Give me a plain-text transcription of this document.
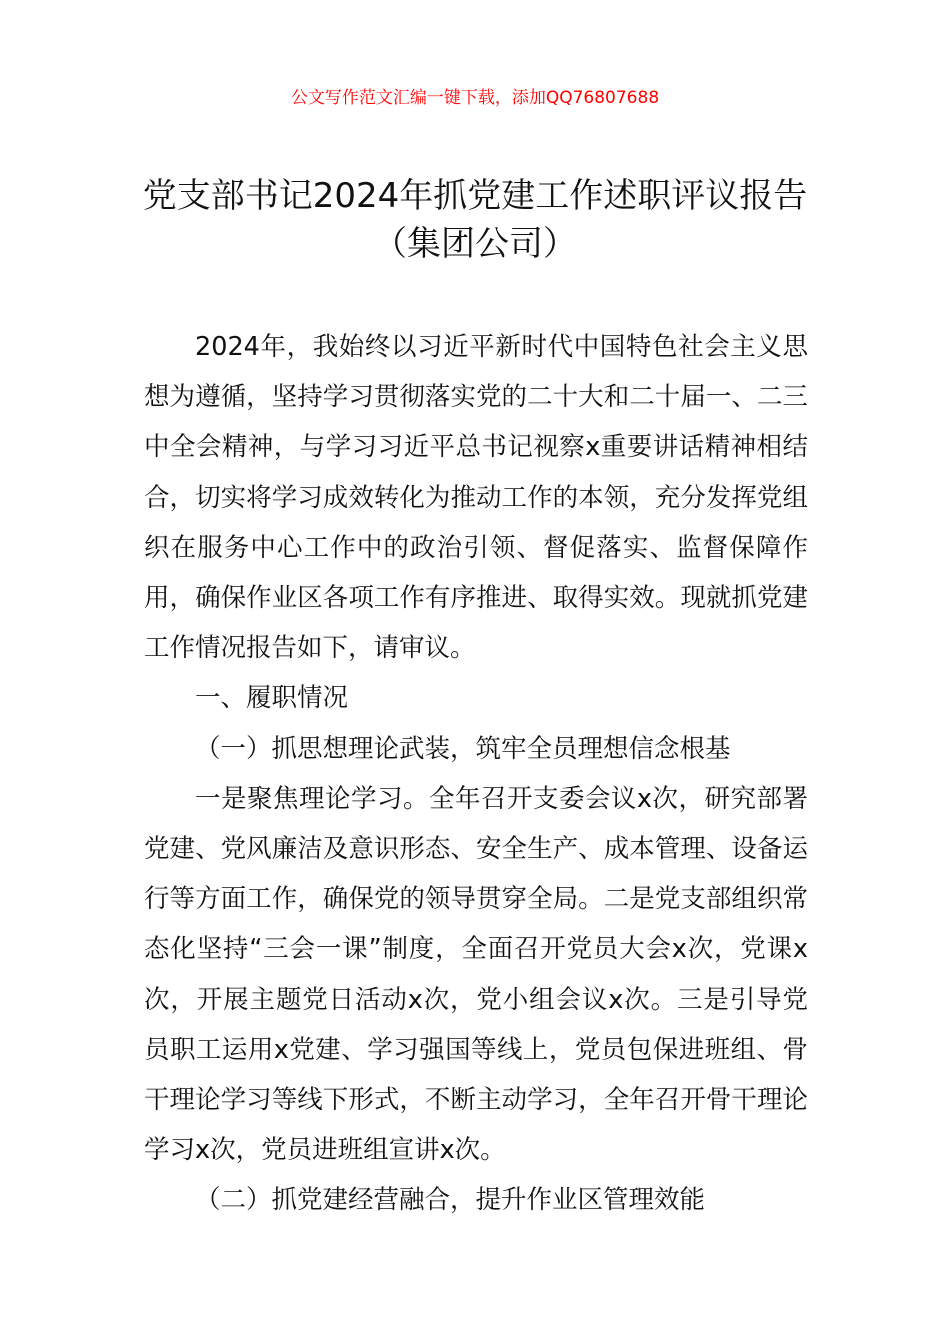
公文写作范文汇编一键下载，添加QQ76807688
党支部书记2024年抓党建工作述职评议报告（集团公司）

2024年，我始终以习近平新时代中国特色社会主义思想为遵循，坚持学习贯彻落实党的二十大和二十届一、二三中全会精神，与学习习近平总书记视察x重要讲话精神相结合，切实将学习成效转化为推动工作的本领，充分发挥党组织在服务中心工作中的政治引领、督促落实、监督保障作用，确保作业区各项工作有序推进、取得实效。现就抓党建工作情况报告如下，请审议。

一、履职情况

（一）抓思想理论武装，筑牢全员理想信念根基

一是聚焦理论学习。全年召开支委会议x次，研究部署党建、党风廉洁及意识形态、安全生产、成本管理、设备运行等方面工作，确保党的领导贯穿全局。二是党支部组织常态化坚持“三会一课”制度，全面召开党员大会x次，党课x次，开展主题党日活动x次，党小组会议x次。三是引导党员职工运用x党建、学习强国等线上，党员包保进班组、骨干理论学习等线下形式，不断主动学习，全年召开骨干理论学习x次，党员进班组宣讲x次。

（二）抓党建经营融合，提升作业区管理效能
